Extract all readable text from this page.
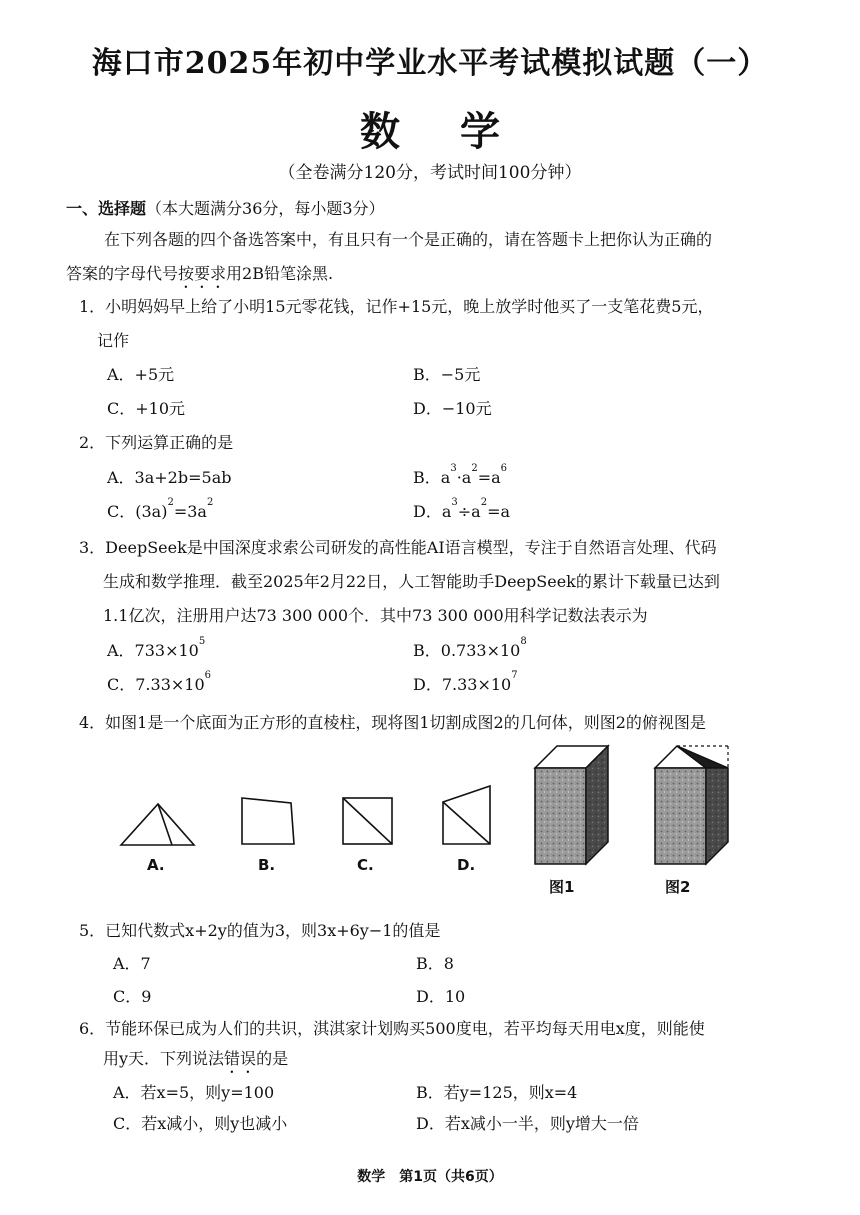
海口市2025年初中学业水平考试模拟试题（一）
数学
（全卷满分120分，考试时间100分钟）
一、选择题（本大题满分36分，每小题3分）
在下列各题的四个备选答案中，有且只有一个是正确的，请在答题卡上把你认为正确的
答案的字母代号按要求用2B铅笔涂黑.
1．小明妈妈早上给了小明15元零花钱，记作+15元，晚上放学时他买了一支笔花费5元，
记作
A．+5元	B．−5元
C．+10元	D．−10元
2．下列运算正确的是
A．3a+2b=5ab	B．$a^3\cdot a^2=a^6$
C．$(3a)^2=3a^2$	D．$a^3\div a^2=a$
3．DeepSeek是中国深度求索公司研发的高性能AI语言模型，专注于自然语言处理、代码
生成和数学推理．截至2025年2月22日，人工智能助手DeepSeek的累计下载量已达到
1.1亿次，注册用户达73 300 000个．其中73 300 000用科学记数法表示为
A．$733\times 10^5$	B．$0.733\times 10^8$
C．$7.33\times 10^6$	D．$7.33\times 10^7$
4．如图1是一个底面为正方形的直棱柱，现将图1切割成图2的几何体，则图2的俯视图是
A.	B.	C.	D.
图1	图2
5．已知代数式x+2y的值为3，则3x+6y−1的值是
A．7	B．8
C．9	D．10
6．节能环保已成为人们的共识，淇淇家计划购买500度电，若平均每天用电x度，则能使
用y天．下列说法错误的是
A．若x=5，则y=100	B．若y=125，则x=4
C．若x减小，则y也减小	D．若x减小一半，则y增大一倍
数学　第1页（共6页）
